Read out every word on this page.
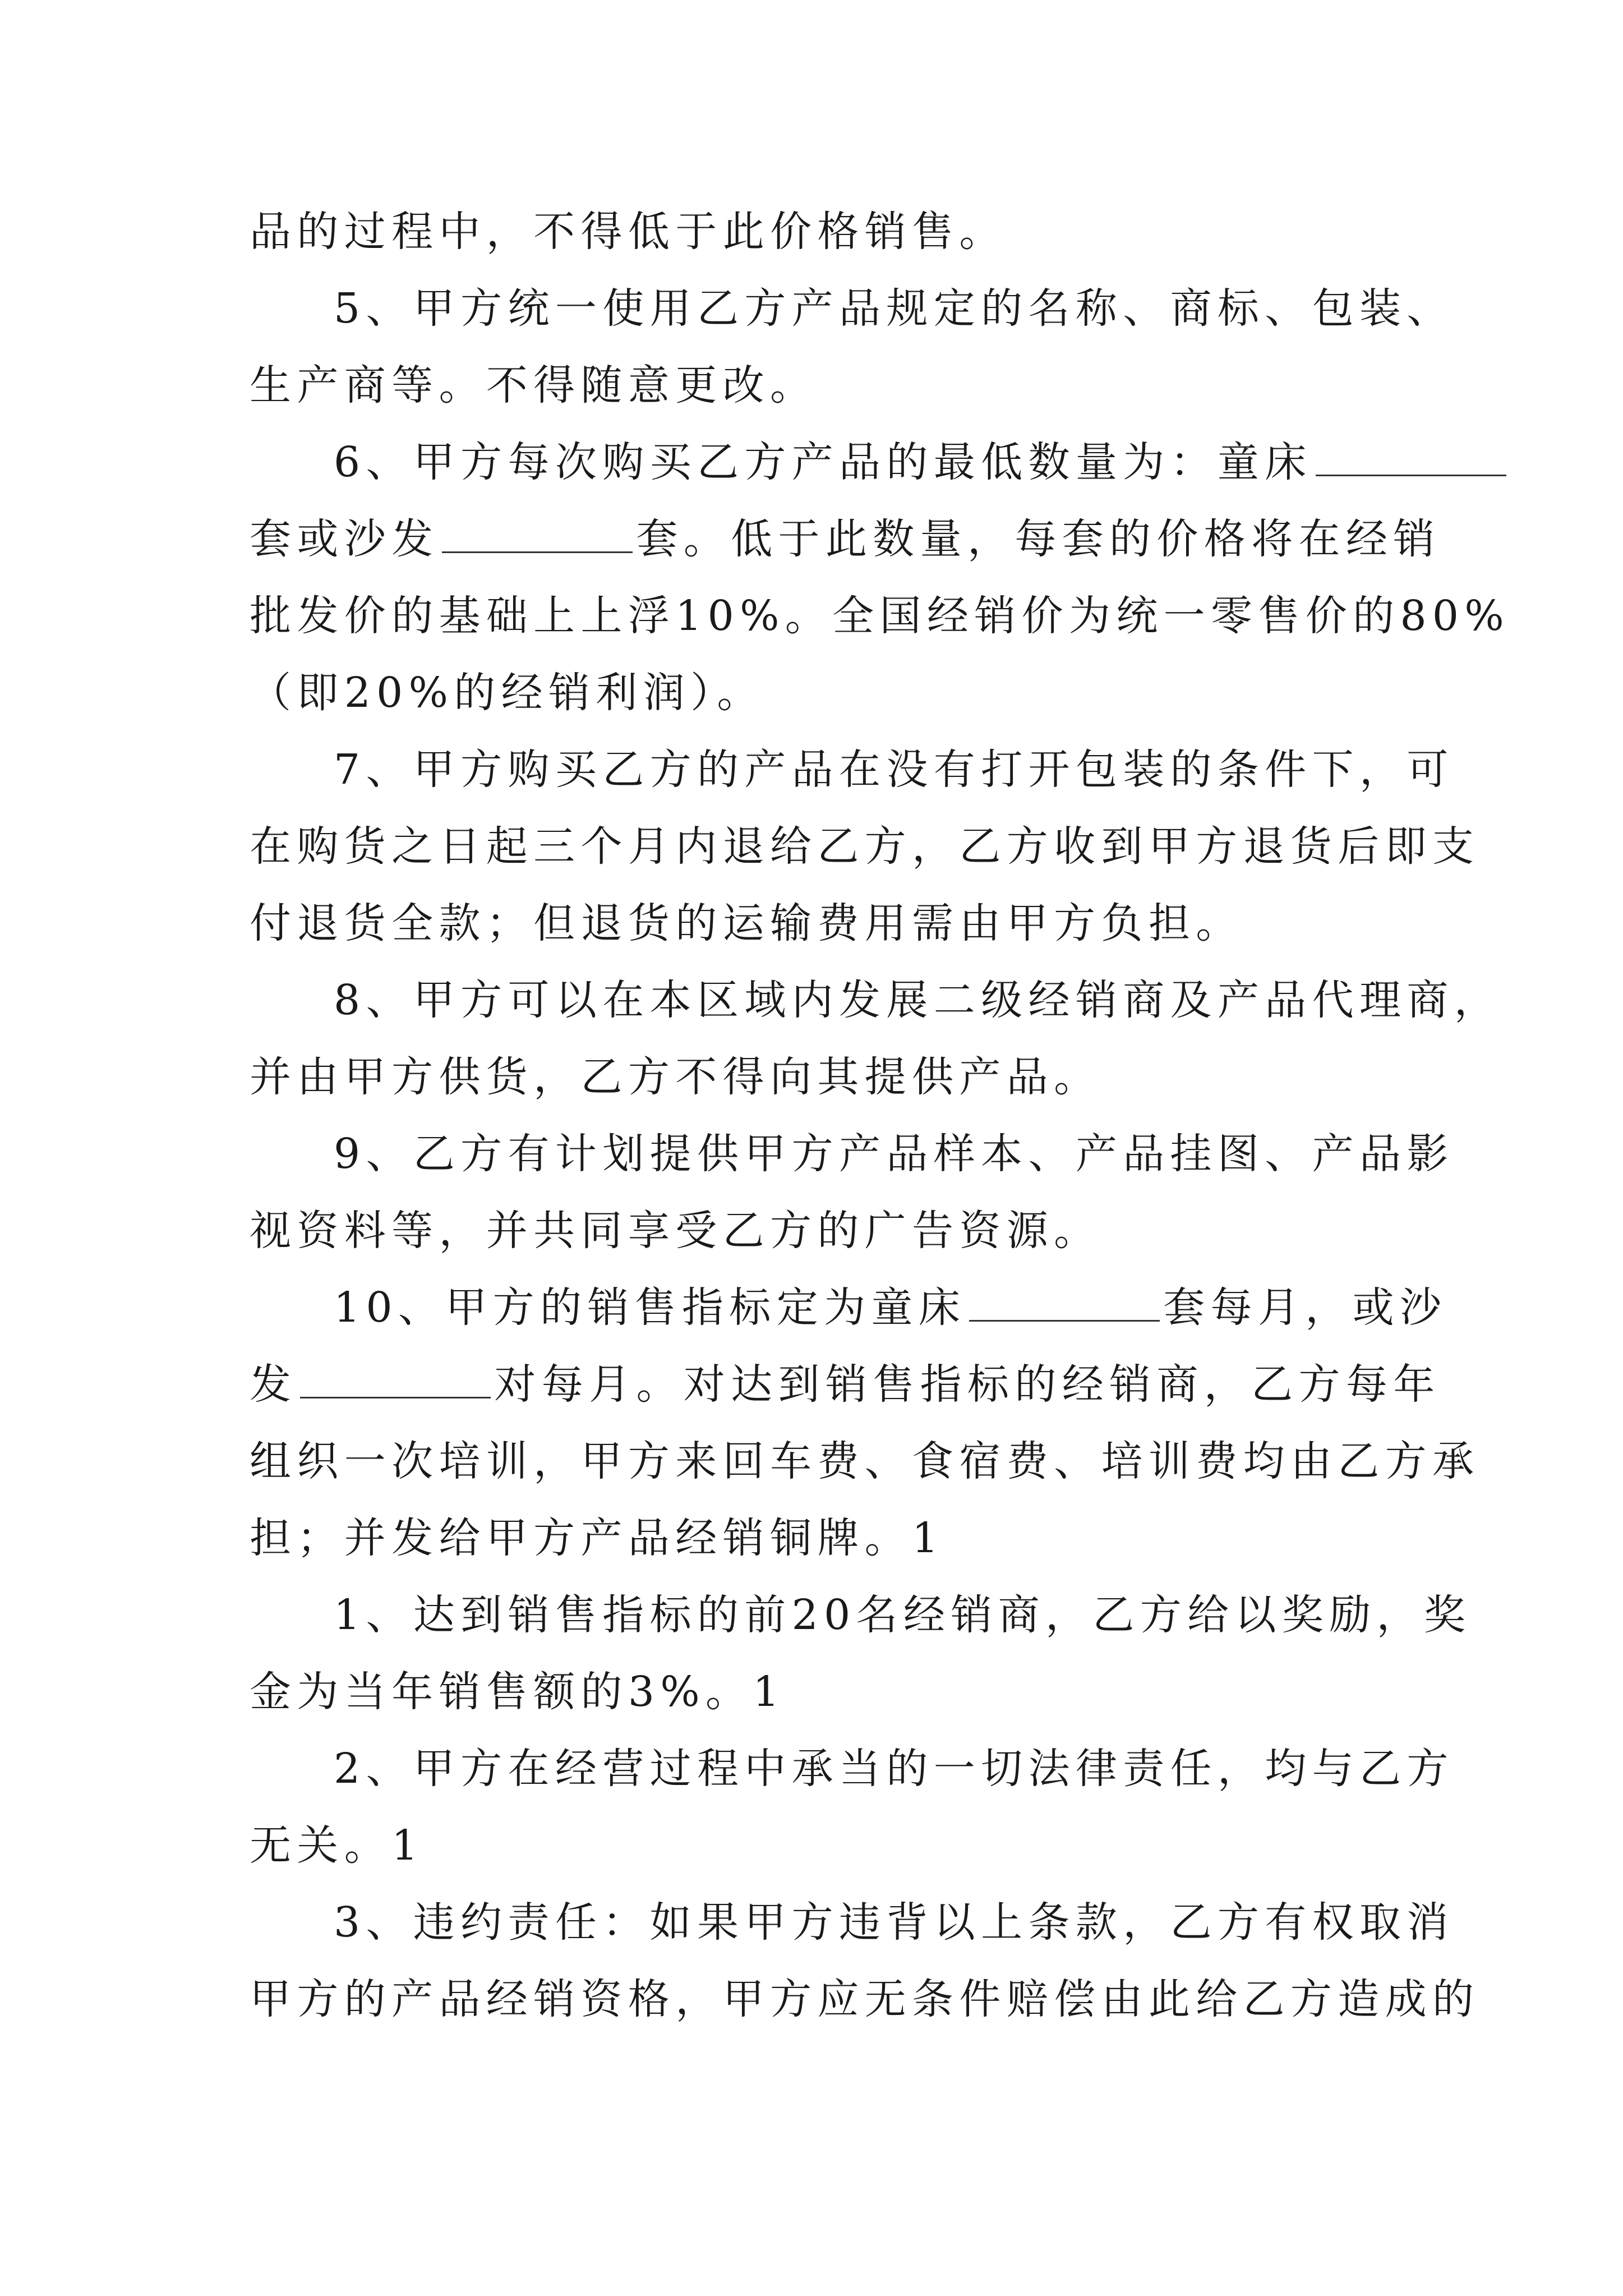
品的过程中，不得低于此价格销售。
5、甲方统一使用乙方产品规定的名称、商标、包装、
生产商等。不得随意更改。
6、甲方每次购买乙方产品的最低数量为：童床
套或沙发	套。低于此数量，每套的价格将在经销
批发价的基础上上浮10%。全国经销价为统一零售价的80%
（即20%的经销利润）。
7、甲方购买乙方的产品在没有打开包装的条件下，可
在购货之日起三个月内退给乙方，乙方收到甲方退货后即支
付退货全款；但退货的运输费用需由甲方负担。
8、甲方可以在本区域内发展二级经销商及产品代理商，
并由甲方供货，乙方不得向其提供产品。
9、乙方有计划提供甲方产品样本、产品挂图、产品影
视资料等，并共同享受乙方的广告资源。
10、甲方的销售指标定为童床	套每月，或沙
发	对每月。对达到销售指标的经销商，乙方每年
组织一次培训，甲方来回车费、食宿费、培训费均由乙方承
担；并发给甲方产品经销铜牌。1
1、达到销售指标的前20名经销商，乙方给以奖励，奖
金为当年销售额的3%。1
2、甲方在经营过程中承当的一切法律责任，均与乙方
无关。1
3、违约责任：如果甲方违背以上条款，乙方有权取消
甲方的产品经销资格，甲方应无条件赔偿由此给乙方造成的
